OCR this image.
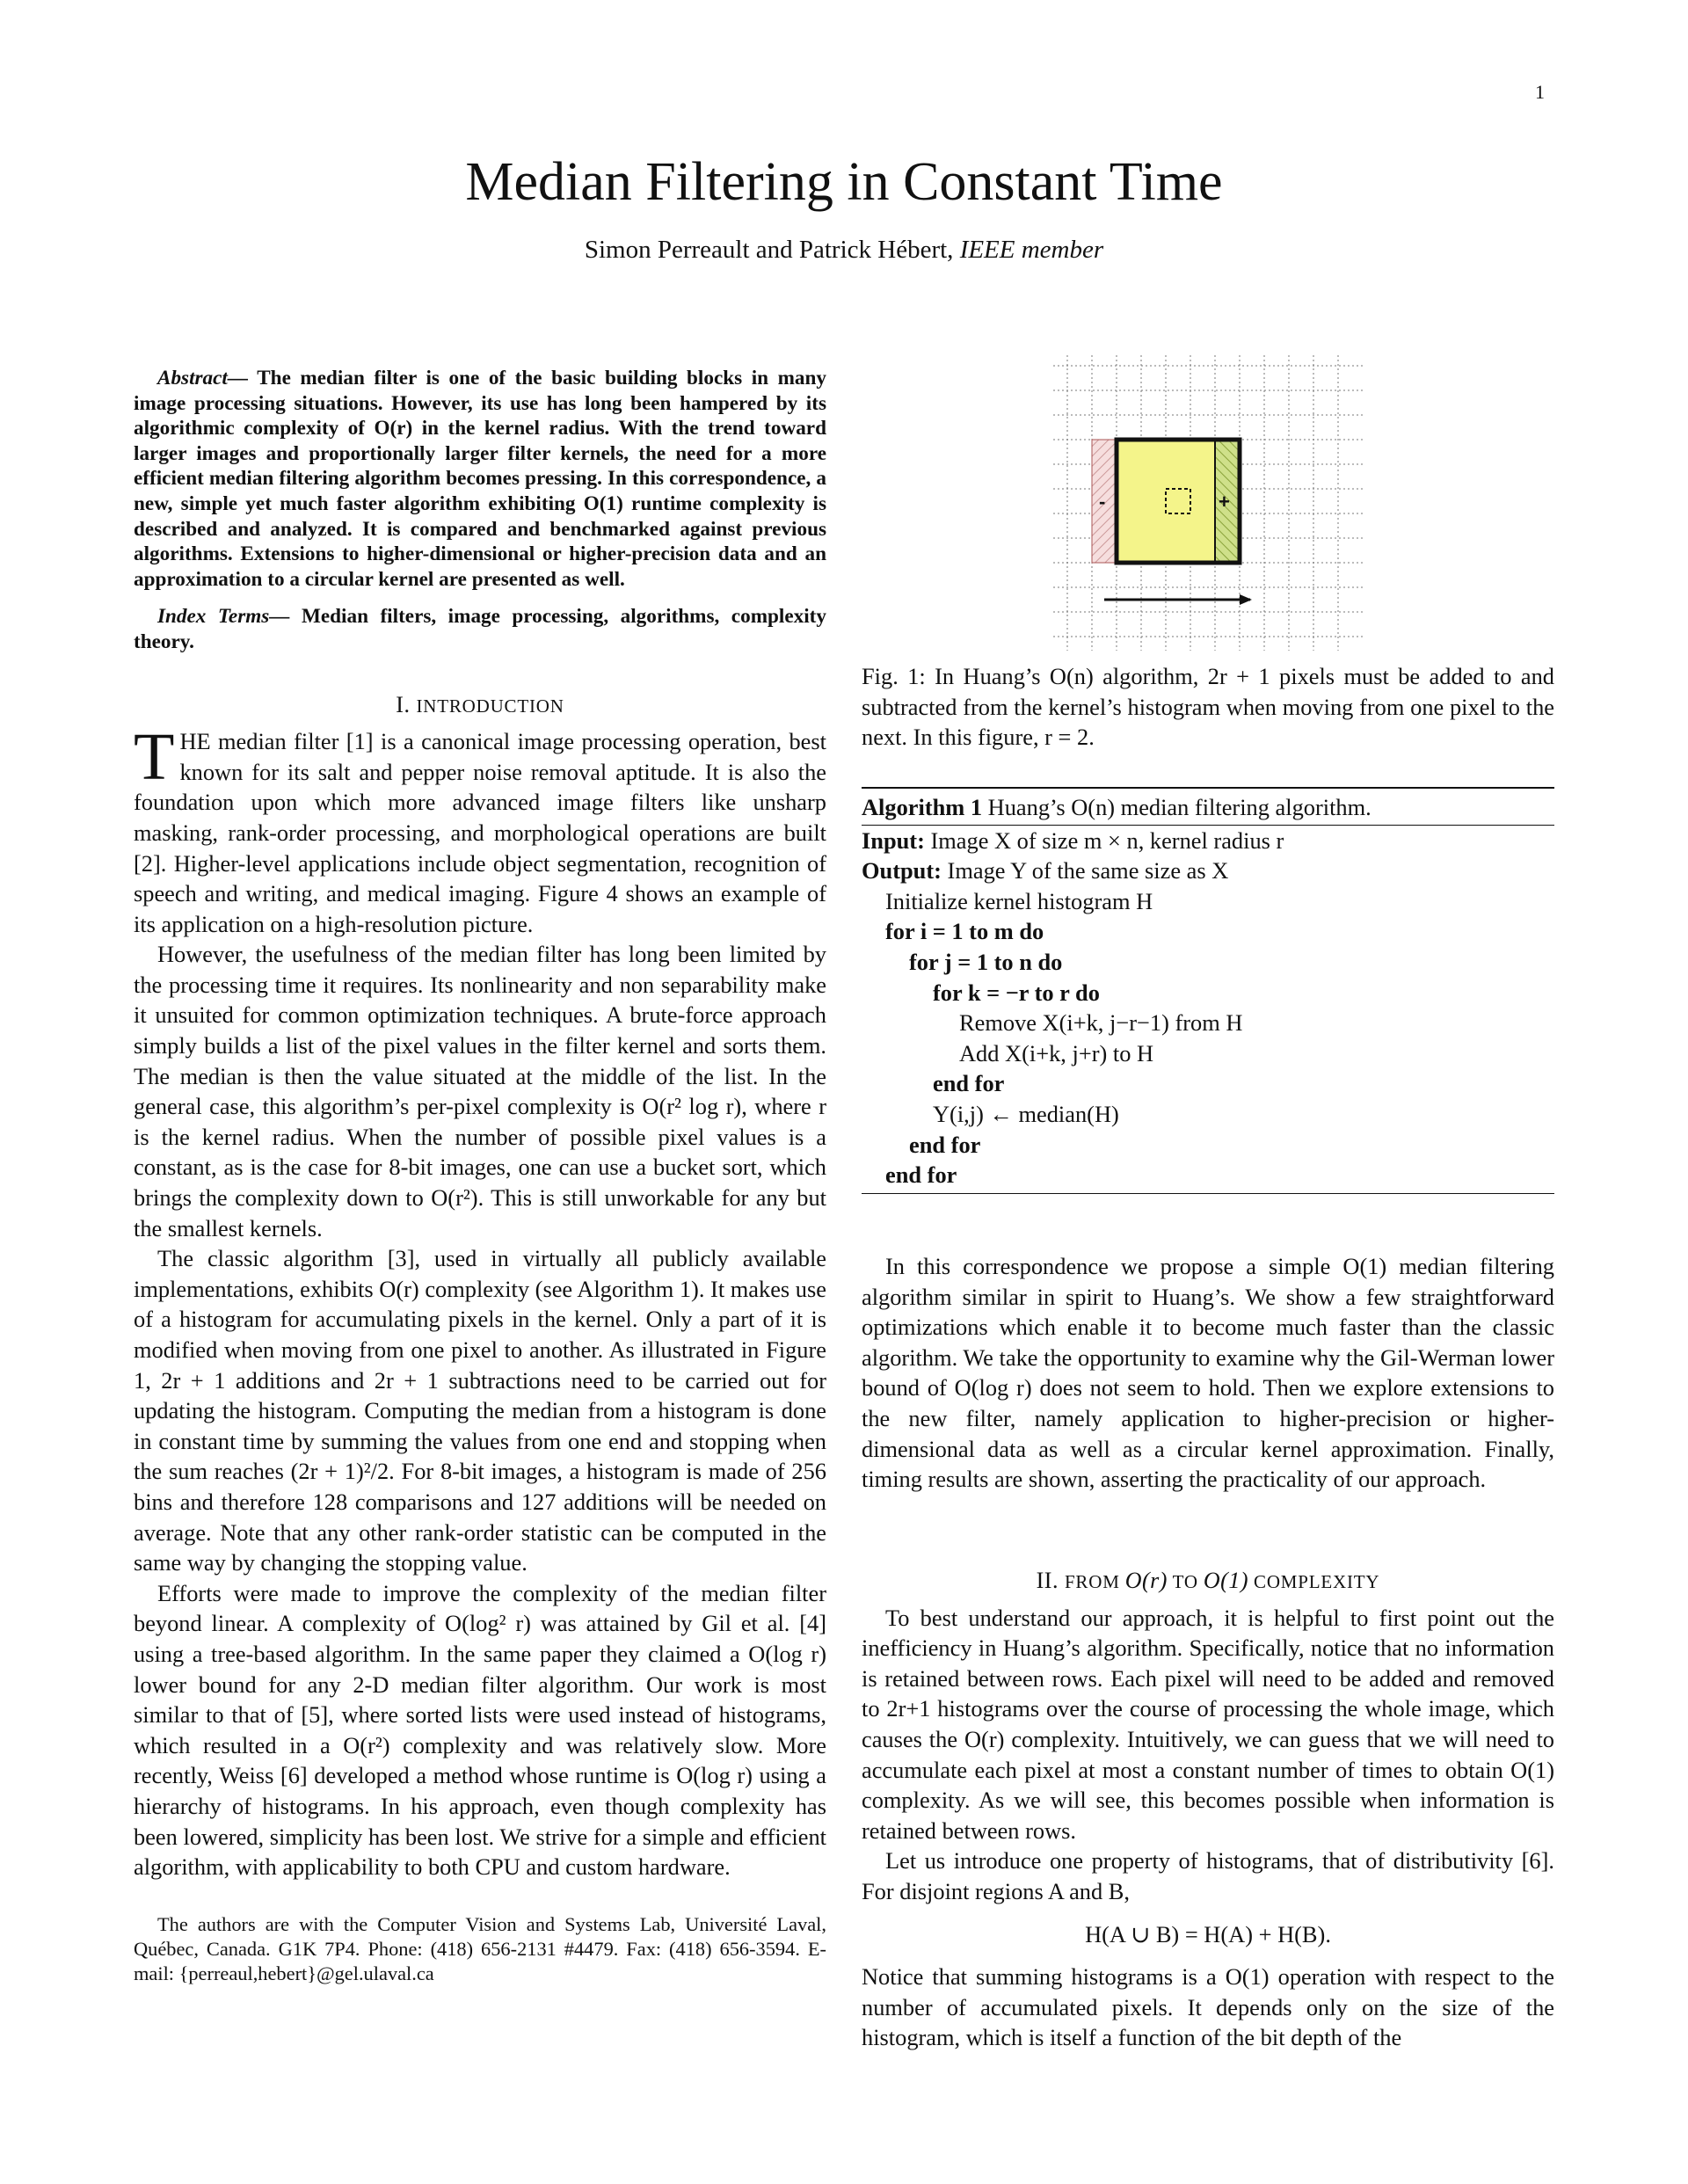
1
Median Filtering in Constant Time
Simon Perreault and Patrick Hébert, IEEE member

Abstract— The median filter is one of the basic building blocks in many image processing situations. However, its use has long been hampered by its algorithmic complexity of O(r) in the kernel radius. With the trend toward larger images and proportionally larger filter kernels, the need for a more efficient median filtering algorithm becomes pressing. In this correspondence, a new, simple yet much faster algorithm exhibiting O(1) runtime complexity is described and analyzed. It is compared and benchmarked against previous algorithms. Extensions to higher-dimensional or higher-precision data and an approximation to a circular kernel are presented as well.

Index Terms— Median filters, image processing, algorithms, complexity theory.

I. INTRODUCTION

THE median filter [1] is a canonical image processing operation, best known for its salt and pepper noise removal aptitude. It is also the foundation upon which more advanced image filters like unsharp masking, rank-order processing, and morphological operations are built [2]. Higher-level applications include object segmentation, recognition of speech and writing, and medical imaging. Figure 4 shows an example of its application on a high-resolution picture.

However, the usefulness of the median filter has long been limited by the processing time it requires. Its nonlinearity and non separability make it unsuited for common optimization techniques. A brute-force approach simply builds a list of the pixel values in the filter kernel and sorts them. The median is then the value situated at the middle of the list. In the general case, this algorithm’s per-pixel complexity is O(r² log r), where r is the kernel radius. When the number of possible pixel values is a constant, as is the case for 8-bit images, one can use a bucket sort, which brings the complexity down to O(r²). This is still unworkable for any but the smallest kernels.

The classic algorithm [3], used in virtually all publicly available implementations, exhibits O(r) complexity (see Algorithm 1). It makes use of a histogram for accumulating pixels in the kernel. Only a part of it is modified when moving from one pixel to another. As illustrated in Figure 1, 2r + 1 additions and 2r + 1 subtractions need to be carried out for updating the histogram. Computing the median from a histogram is done in constant time by summing the values from one end and stopping when the sum reaches (2r + 1)²/2. For 8-bit images, a histogram is made of 256 bins and therefore 128 comparisons and 127 additions will be needed on average. Note that any other rank-order statistic can be computed in the same way by changing the stopping value.

Efforts were made to improve the complexity of the median filter beyond linear. A complexity of O(log² r) was attained by Gil et al. [4] using a tree-based algorithm. In the same paper they claimed a O(log r) lower bound for any 2-D median filter algorithm. Our work is most similar to that of [5], where sorted lists were used instead of histograms, which resulted in a O(r²) complexity and was relatively slow. More recently, Weiss [6] developed a method whose runtime is O(log r) using a hierarchy of histograms. In his approach, even though complexity has been lowered, simplicity has been lost. We strive for a simple and efficient algorithm, with applicability to both CPU and custom hardware.

The authors are with the Computer Vision and Systems Lab, Université Laval, Québec, Canada. G1K 7P4. Phone: (418) 656-2131 #4479. Fax: (418) 656-3594. E-mail: {perreaul,hebert}@gel.ulaval.ca

-	+
Fig. 1: In Huang’s O(n) algorithm, 2r + 1 pixels must be added to and subtracted from the kernel’s histogram when moving from one pixel to the next. In this figure, r = 2.
Algorithm 1 Huang’s O(n) median filtering algorithm.
Input: Image X of size m × n, kernel radius r
Output: Image Y of the same size as X
Initialize kernel histogram H
for i = 1 to m do
for j = 1 to n do
for k = −r to r do
Remove X(i+k, j−r−1) from H
Add X(i+k, j+r) to H
end for
Y(i,j) ← median(H)
end for
end for

In this correspondence we propose a simple O(1) median filtering algorithm similar in spirit to Huang’s. We show a few straightforward optimizations which enable it to become much faster than the classic algorithm. We take the opportunity to examine why the Gil-Werman lower bound of O(log r) does not seem to hold. Then we explore extensions to the new filter, namely application to higher-precision or higher-dimensional data as well as a circular kernel approximation. Finally, timing results are shown, asserting the practicality of our approach.

II. FROM O(r) TO O(1) COMPLEXITY

To best understand our approach, it is helpful to first point out the inefficiency in Huang’s algorithm. Specifically, notice that no information is retained between rows. Each pixel will need to be added and removed to 2r+1 histograms over the course of processing the whole image, which causes the O(r) complexity. Intuitively, we can guess that we will need to accumulate each pixel at most a constant number of times to obtain O(1) complexity. As we will see, this becomes possible when information is retained between rows.

Let us introduce one property of histograms, that of distributivity [6]. For disjoint regions A and B,

H(A ∪ B) = H(A) + H(B).

Notice that summing histograms is a O(1) operation with respect to the number of accumulated pixels. It depends only on the size of the histogram, which is itself a function of the bit depth of the
